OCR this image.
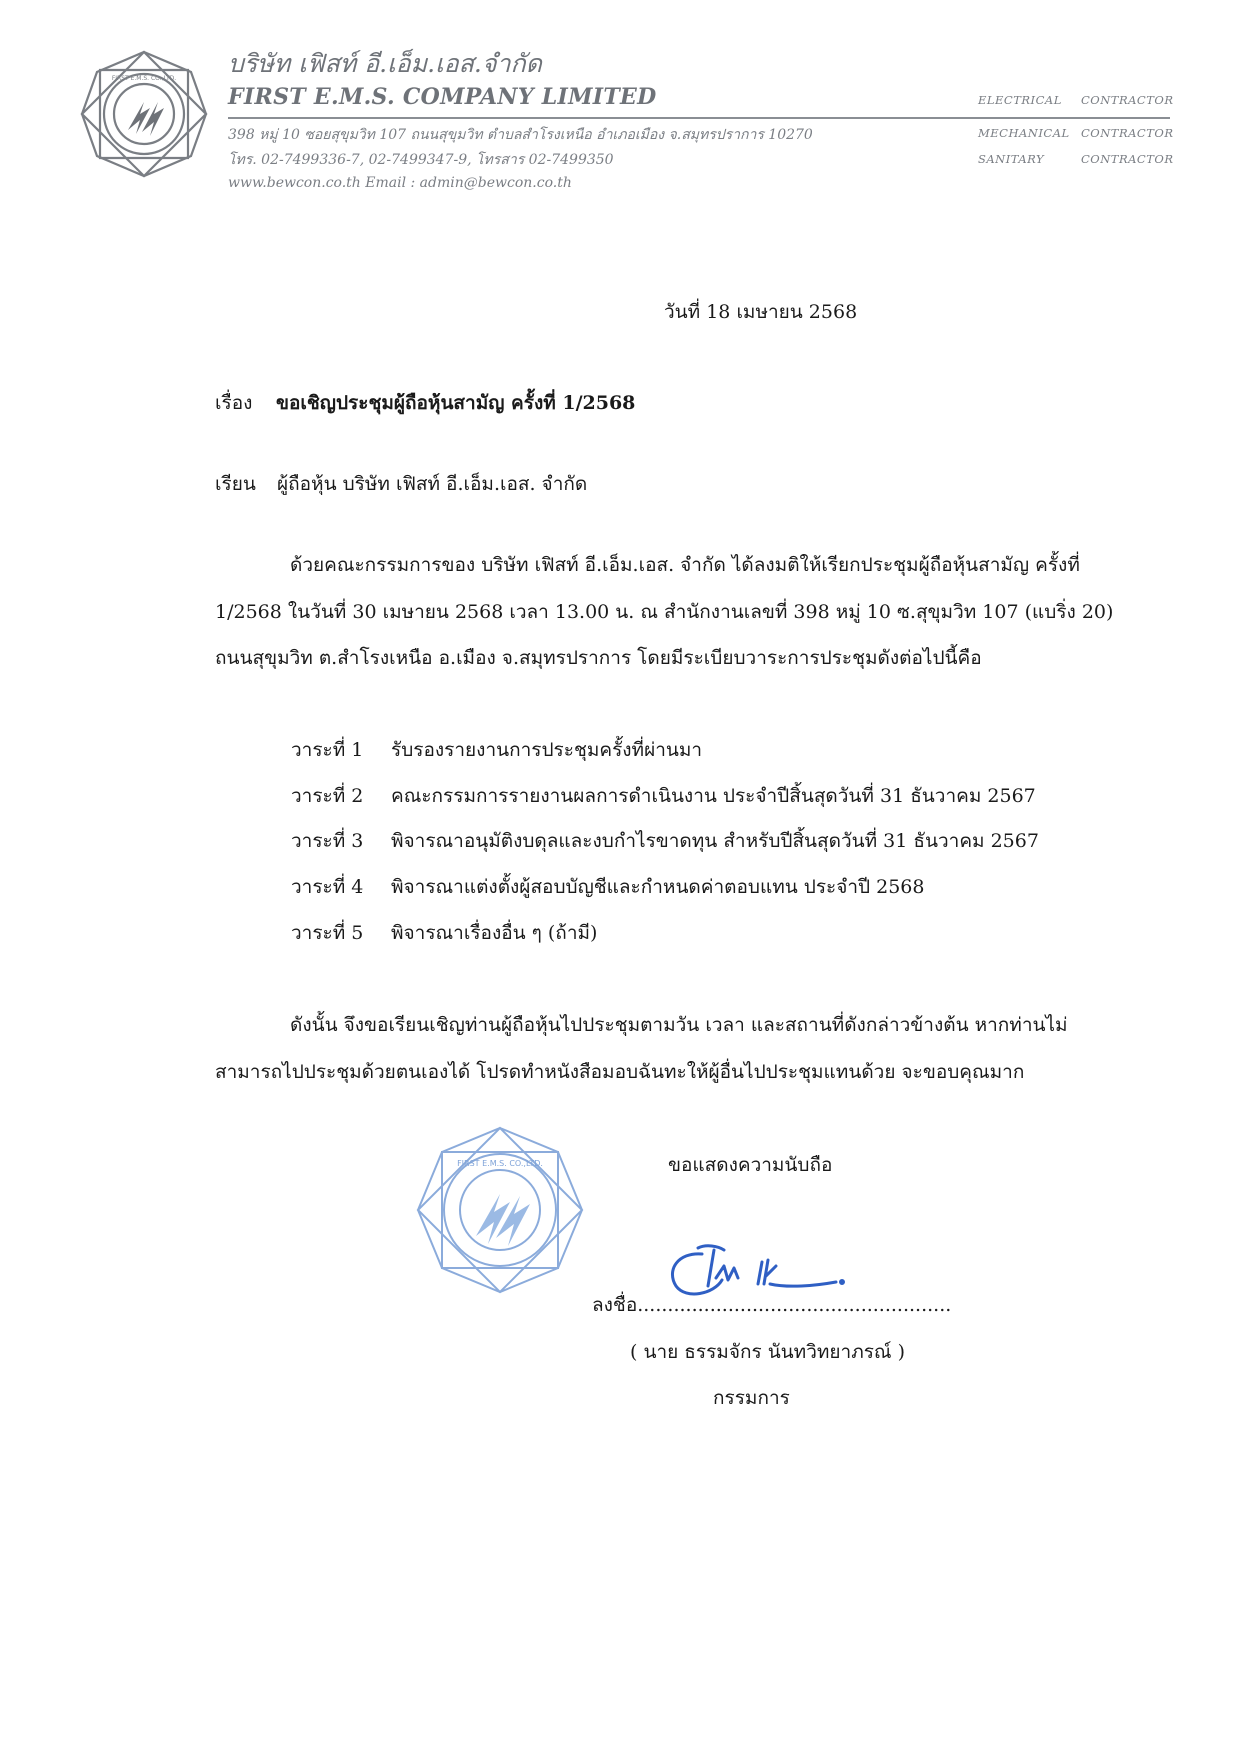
FIRST E.M.S. CO.,LTD.
บริษัท เฟิสท์ อี.เอ็ม.เอส.จำกัด
FIRST E.M.S. COMPANY LIMITED
398 หมู่ 10 ซอยสุขุมวิท 107 ถนนสุขุมวิท ตำบลสำโรงเหนือ อำเภอเมือง จ.สมุทรปราการ 10270
โทร. 02-7499336-7, 02-7499347-9, โทรสาร 02-7499350
www.bewcon.co.th Email : admin@bewcon.co.th
ELECTRICAL CONTRACTOR
MECHANICAL CONTRACTOR
SANITARY	CONTRACTOR
วันที่ 18 เมษายน 2568
เรื่อง ขอเชิญประชุมผู้ถือหุ้นสามัญ ครั้งที่ 1/2568
เรียน ผู้ถือหุ้น บริษัท เฟิสท์ อี.เอ็ม.เอส. จำกัด
ด้วยคณะกรรมการของ บริษัท เฟิสท์ อี.เอ็ม.เอส. จำกัด ได้ลงมติให้เรียกประชุมผู้ถือหุ้นสามัญ ครั้งที่
1/2568 ในวันที่ 30 เมษายน 2568 เวลา 13.00 น. ณ สำนักงานเลขที่ 398 หมู่ 10 ซ.สุขุมวิท 107 (แบริ่ง 20)
ถนนสุขุมวิท ต.สำโรงเหนือ อ.เมือง จ.สมุทรปราการ โดยมีระเบียบวาระการประชุมดังต่อไปนี้คือ
วาระที่ 1 รับรองรายงานการประชุมครั้งที่ผ่านมา
วาระที่ 2 คณะกรรมการรายงานผลการดำเนินงาน ประจำปีสิ้นสุดวันที่ 31 ธันวาคม 2567
วาระที่ 3 พิจารณาอนุมัติงบดุลและงบกำไรขาดทุน สำหรับปีสิ้นสุดวันที่ 31 ธันวาคม 2567
วาระที่ 4 พิจารณาแต่งตั้งผู้สอบบัญชีและกำหนดค่าตอบแทน ประจำปี 2568
วาระที่ 5 พิจารณาเรื่องอื่น ๆ (ถ้ามี)
ดังนั้น จึงขอเรียนเชิญท่านผู้ถือหุ้นไปประชุมตามวัน เวลา และสถานที่ดังกล่าวข้างต้น หากท่านไม่
สามารถไปประชุมด้วยตนเองได้ โปรดทำหนังสือมอบฉันทะให้ผู้อื่นไปประชุมแทนด้วย จะขอบคุณมาก
FIRST E.M.S. CO.,LTD.	ขอแสดงความนับถือ
ลงชื่อ....................................................
( นาย ธรรมจักร นันทวิทยาภรณ์ )
กรรมการ
